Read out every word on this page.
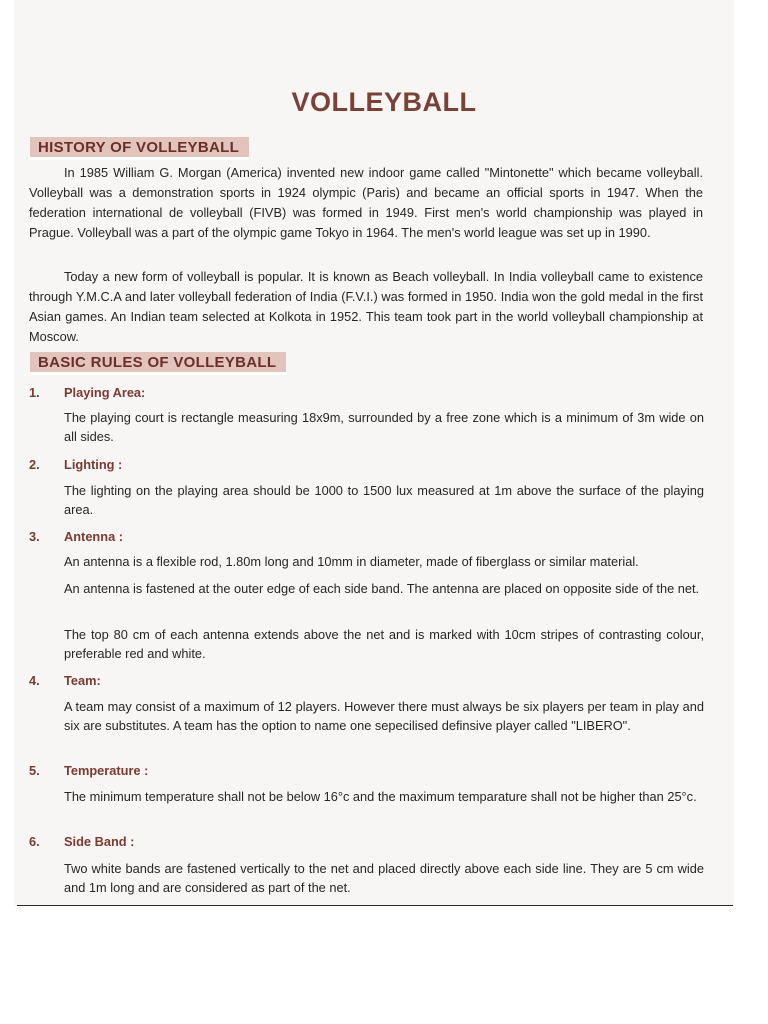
VOLLEYBALL
HISTORY OF VOLLEYBALL
In 1985 William G. Morgan (America) invented new indoor game called "Mintonette" which became volleyball. Volleyball was a demonstration sports in 1924 olympic (Paris) and became an official sports in 1947. When the federation international de volleyball (FIVB) was formed in 1949. First men's world championship was played in Prague. Volleyball was a part of the olympic game Tokyo in 1964. The men's world league was set up in 1990.
Today a new form of volleyball is popular. It is known as Beach volleyball. In India volleyball came to existence through Y.M.C.A and later volleyball federation of India (F.V.I.) was formed in 1950. India won the gold medal in the first Asian games. An Indian team selected at Kolkota in 1952. This team took part in the world volleyball championship at Moscow.
BASIC RULES OF VOLLEYBALL
1. Playing Area:
The playing court is rectangle measuring 18x9m, surrounded by a free zone which is a minimum of 3m wide on all sides.
2. Lighting :
The lighting on the playing area should be 1000 to 1500 lux measured at 1m above the surface of the playing area.
3. Antenna :
An antenna is a flexible rod, 1.80m long and 10mm in diameter, made of fiberglass or similar material.
An antenna is fastened at the outer edge of each side band. The antenna are placed on opposite side of the net.
The top 80 cm of each antenna extends above the net and is marked with 10cm stripes of contrasting colour, preferable red and white.
4. Team:
A team may consist of a maximum of 12 players. However there must always be six players per team in play and six are substitutes. A team has the option to name one sepecilised definsive player called "LIBERO".
5. Temperature :
The minimum temperature shall not be below 16°c and the maximum temparature shall not be higher than 25°c.
6. Side Band :
Two white bands are fastened vertically to the net and placed directly above each side line. They are 5 cm wide and 1m long and are considered as part of the net.
